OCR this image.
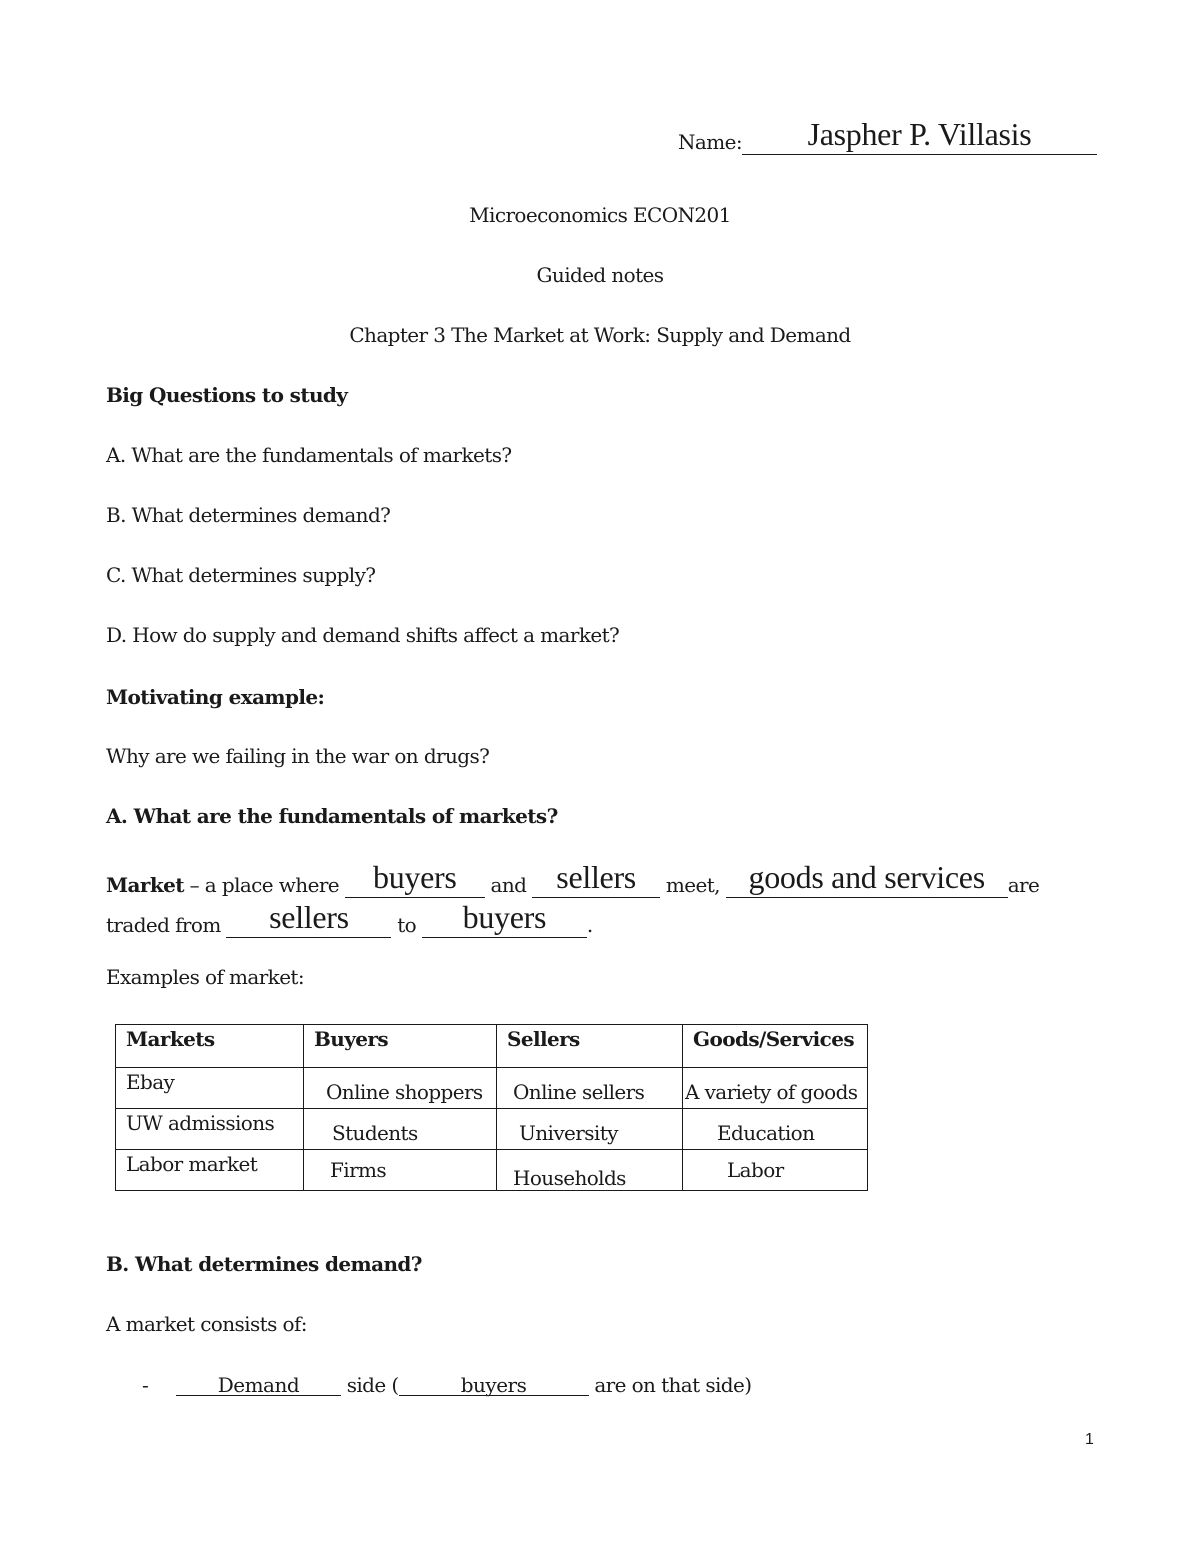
Name: Jaspher P. Villasis
Microeconomics ECON201
Guided notes
Chapter 3 The Market at Work: Supply and Demand
Big Questions to study
A. What are the fundamentals of markets?
B. What determines demand?
C. What determines supply?
D. How do supply and demand shifts affect a market?
Motivating example:
Why are we failing in the war on drugs?
A. What are the fundamentals of markets?
Market – a place where buyers and sellers meet, goods and services are
traded from sellers to buyers .
Examples of market:
Markets	Buyers	Sellers	Goods/Services

Ebay	Online shoppers	Online sellers	A variety of goods

UW admissions	Students	University	Education

Labor market	Firms	Households	Labor
B. What determines demand?
A market consists of:
-	Demand side (	buyers	are on that side)
1
